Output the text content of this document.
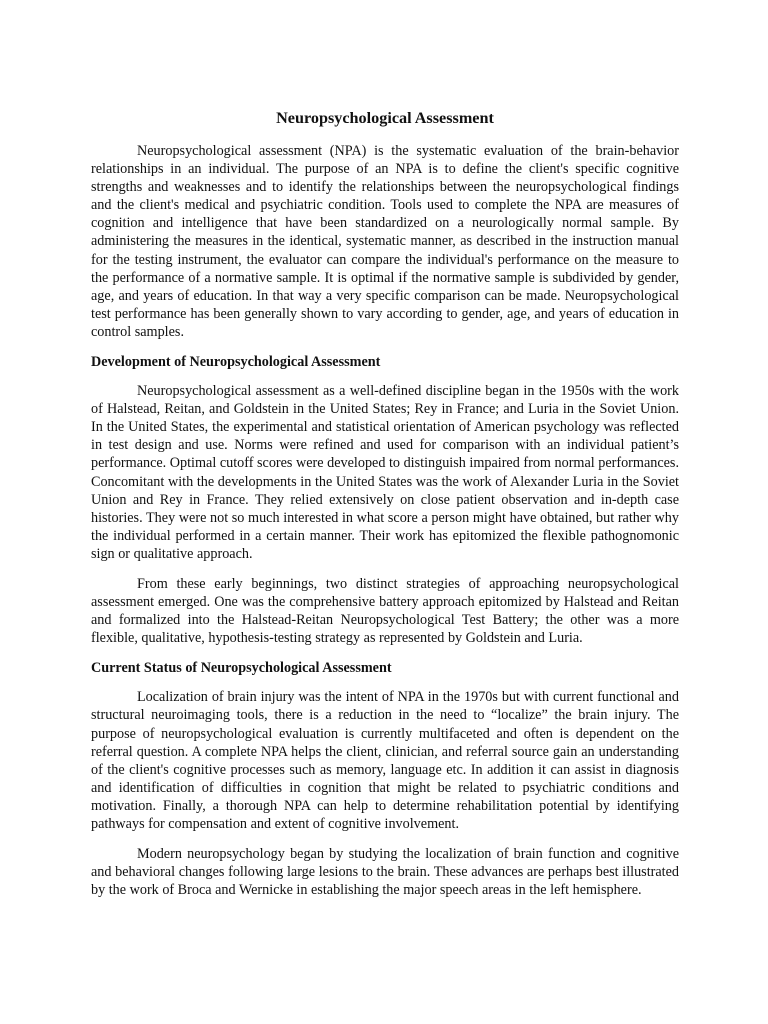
Neuropsychological Assessment

Neuropsychological assessment (NPA) is the systematic evaluation of the brain-behavior relationships in an individual. The purpose of an NPA is to define the client's specific cognitive strengths and weaknesses and to identify the relationships between the neuropsychological findings and the client's medical and psychiatric condition. Tools used to complete the NPA are measures of cognition and intelligence that have been standardized on a neurologically normal sample. By administering the measures in the identical, systematic manner, as described in the instruction manual for the testing instrument, the evaluator can compare the individual's performance on the measure to the performance of a normative sample. It is optimal if the normative sample is subdivided by gender, age, and years of education. In that way a very specific comparison can be made. Neuropsychological test performance has been generally shown to vary according to gender, age, and years of education in control samples.

Development of Neuropsychological Assessment

Neuropsychological assessment as a well-defined discipline began in the 1950s with the work of Halstead, Reitan, and Goldstein in the United States; Rey in France; and Luria in the Soviet Union. In the United States, the experimental and statistical orientation of American psychology was reflected in test design and use. Norms were refined and used for comparison with an individual patient’s performance. Optimal cutoff scores were developed to distinguish impaired from normal performances. Concomitant with the developments in the United States was the work of Alexander Luria in the Soviet Union and Rey in France. They relied extensively on close patient observation and in-depth case histories. They were not so much interested in what score a person might have obtained, but rather why the individual performed in a certain manner. Their work has epitomized the flexible pathognomonic sign or qualitative approach.

From these early beginnings, two distinct strategies of approaching neuropsychological assessment emerged. One was the comprehensive battery approach epitomized by Halstead and Reitan and formalized into the Halstead-Reitan Neuropsychological Test Battery; the other was a more flexible, qualitative, hypothesis-testing strategy as represented by Goldstein and Luria.

Current Status of Neuropsychological Assessment

Localization of brain injury was the intent of NPA in the 1970s but with current functional and structural neuroimaging tools, there is a reduction in the need to “localize” the brain injury. The purpose of neuropsychological evaluation is currently multifaceted and often is dependent on the referral question. A complete NPA helps the client, clinician, and referral source gain an understanding of the client's cognitive processes such as memory, language etc. In addition it can assist in diagnosis and identification of difficulties in cognition that might be related to psychiatric conditions and motivation. Finally, a thorough NPA can help to determine rehabilitation potential by identifying pathways for compensation and extent of cognitive involvement.

Modern neuropsychology began by studying the localization of brain function and cognitive and behavioral changes following large lesions to the brain. These advances are perhaps best illustrated by the work of Broca and Wernicke in establishing the major speech areas in the left hemisphere.
